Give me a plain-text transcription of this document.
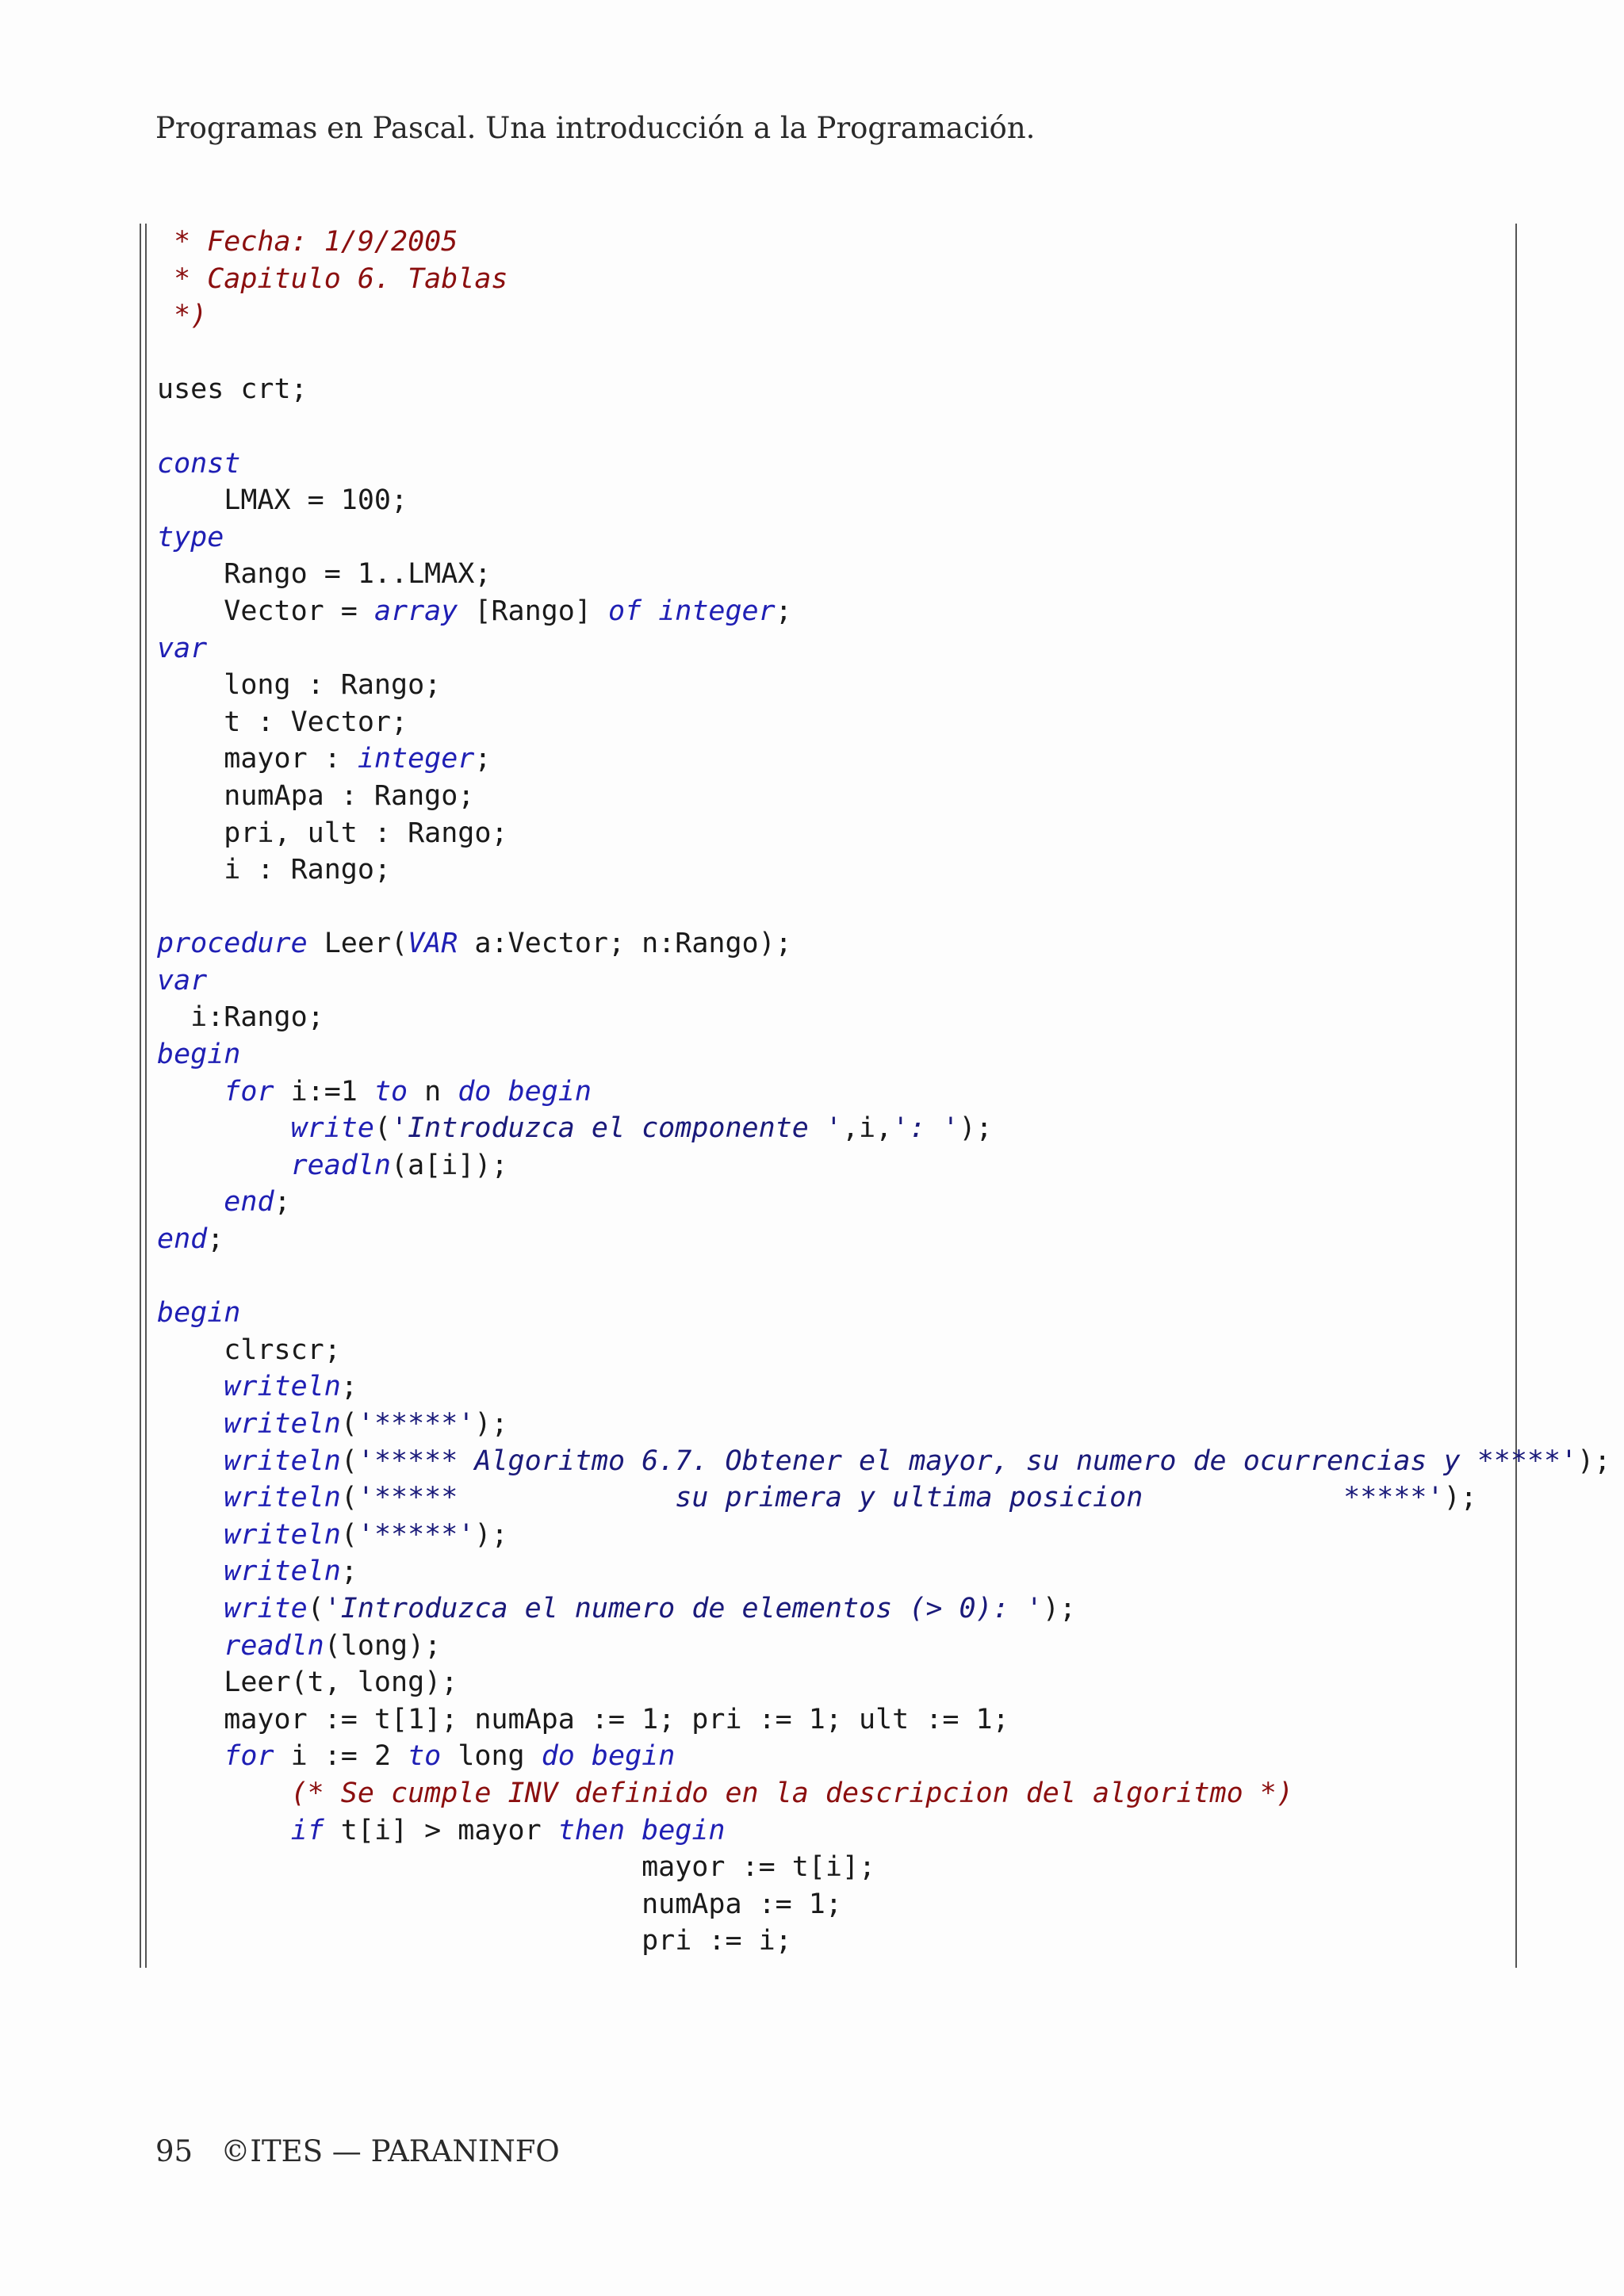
Programas en Pascal. Una introducción a la Programación.
* Fecha: 1/9/2005
* Capitulo 6. Tablas
*)
uses crt;
const
LMAX = 100;
type
Rango = 1..LMAX;
Vector = array [Rango] of integer;
var
long : Rango;
t : Vector;
mayor : integer;
numApa : Rango;
pri, ult : Rango;
i : Rango;
procedure Leer(VAR a:Vector; n:Rango);
var
i:Rango;
begin
for i:=1 to n do begin
write('Introduzca el componente ',i,': ');
readln(a[i]);
end;
end;
begin
clrscr;
writeln;
writeln('*****');
writeln('***** Algoritmo 6.7. Obtener el mayor, su numero de ocurrencias y *****');
writeln('*****             su primera y ultima posicion            *****');
writeln('*****');
writeln;
write('Introduzca el numero de elementos (> 0): ');
readln(long);
Leer(t, long);
mayor := t[1]; numApa := 1; pri := 1; ult := 1;
for i := 2 to long do begin
(* Se cumple INV definido en la descripcion del algoritmo *)
if t[i] > mayor then begin
mayor := t[i];
numApa := 1;
pri := i;
95 ©ITES — PARANINFO
